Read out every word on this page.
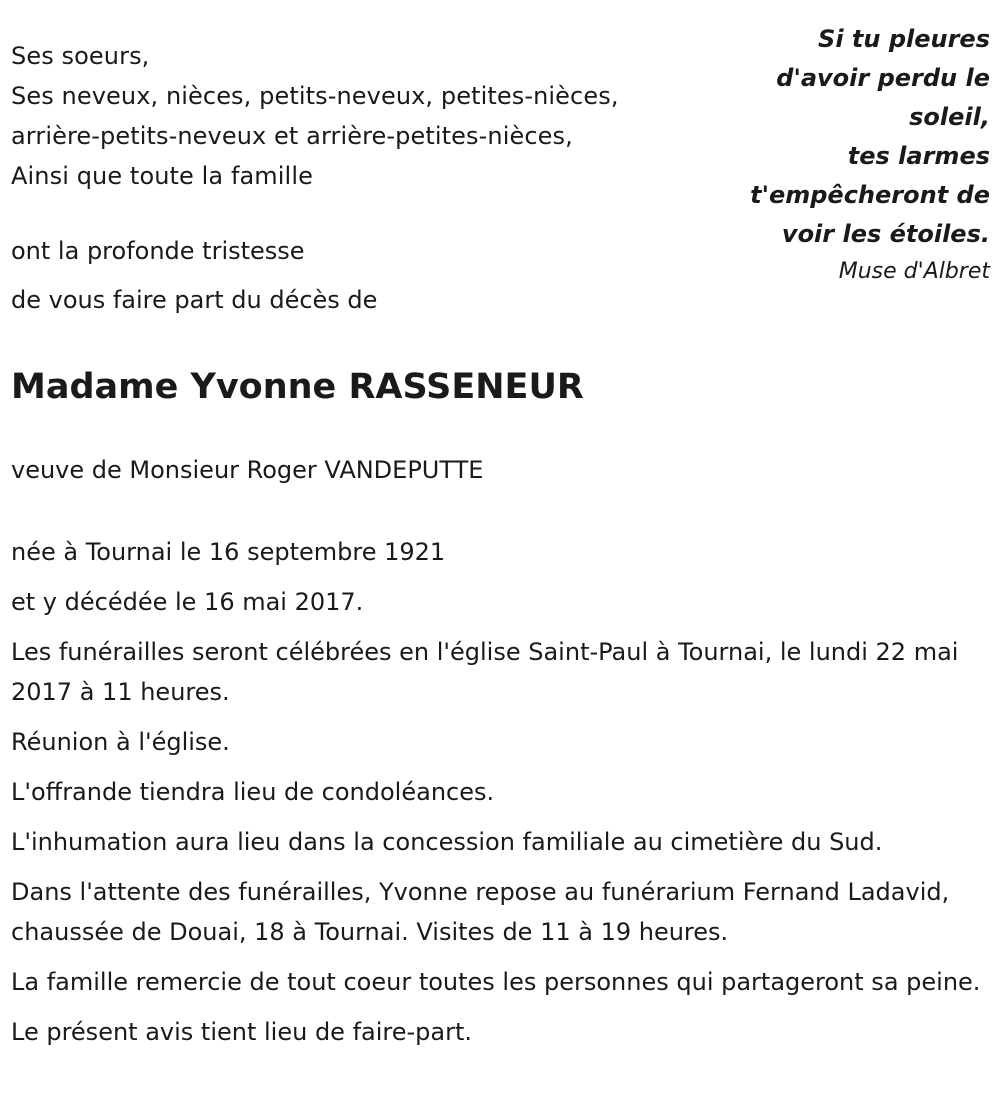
Ses soeurs,
Ses neveux, nièces, petits-neveux, petites-nièces,
arrière-petits-neveux et arrière-petites-nièces,
Ainsi que toute la famille
Si tu pleures
d'avoir perdu le
soleil,
tes larmes
t'empêcheront de
voir les étoiles.
Muse d'Albret
ont la profonde tristesse
de vous faire part du décès de
Madame Yvonne RASSENEUR
veuve de Monsieur Roger VANDEPUTTE

née à Tournai le 16 septembre 1921

et y décédée le 16 mai 2017.

Les funérailles seront célébrées en l'église Saint-Paul à Tournai, le lundi 22 mai 2017 à 11 heures.

Réunion à l'église.

L'offrande tiendra lieu de condoléances.

L'inhumation aura lieu dans la concession familiale au cimetière du Sud.

Dans l'attente des funérailles, Yvonne repose au funérarium Fernand Ladavid, chaussée de Douai, 18 à Tournai. Visites de 11 à 19 heures.

La famille remercie de tout coeur toutes les personnes qui partageront sa peine.

Le présent avis tient lieu de faire-part.
